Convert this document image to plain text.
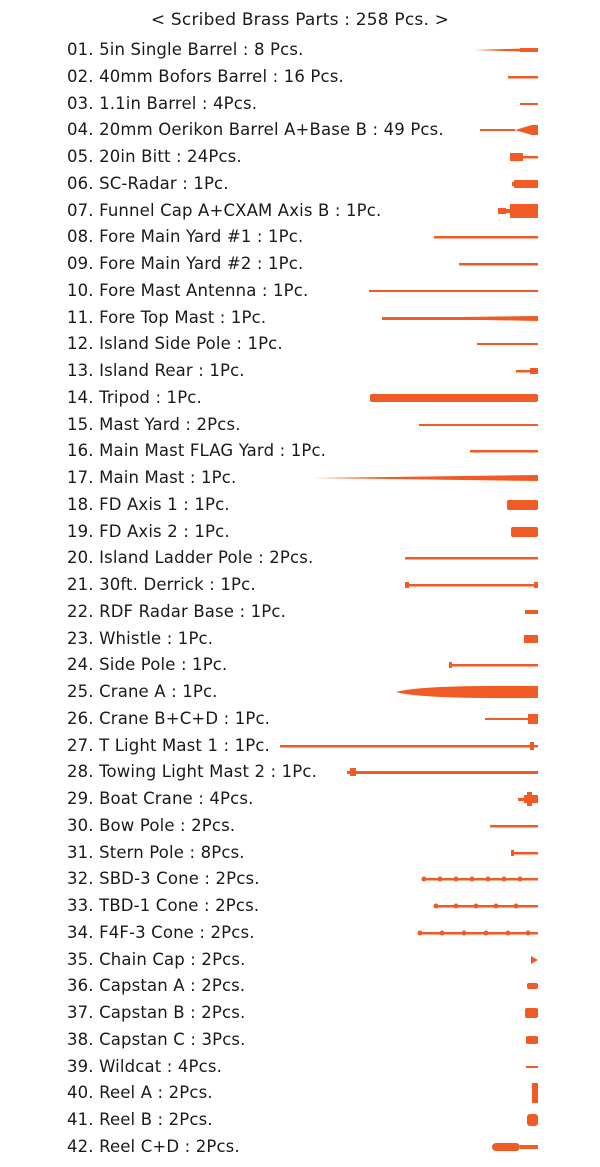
< Scribed Brass Parts : 258 Pcs. >
01. 5in Single Barrel : 8 Pcs.
02. 40mm Bofors Barrel : 16 Pcs.
03. 1.1in Barrel : 4Pcs.
04. 20mm Oerikon Barrel A+Base B : 49 Pcs.
05. 20in Bitt : 24Pcs.
06. SC-Radar : 1Pc.
07. Funnel Cap A+CXAM Axis B : 1Pc.
08. Fore Main Yard #1 : 1Pc.
09. Fore Main Yard #2 : 1Pc.
10. Fore Mast Antenna : 1Pc.
11. Fore Top Mast : 1Pc.
12. Island Side Pole : 1Pc.
13. Island Rear : 1Pc.
14. Tripod : 1Pc.
15. Mast Yard : 2Pcs.
16. Main Mast FLAG Yard : 1Pc.
17. Main Mast : 1Pc.
18. FD Axis 1 : 1Pc.
19. FD Axis 2 : 1Pc.
20. Island Ladder Pole : 2Pcs.
21. 30ft. Derrick : 1Pc.
22. RDF Radar Base : 1Pc.
23. Whistle : 1Pc.
24. Side Pole : 1Pc.
25. Crane A : 1Pc.
26. Crane B+C+D : 1Pc.
27. T Light Mast 1 : 1Pc.
28. Towing Light Mast 2 : 1Pc.
29. Boat Crane : 4Pcs.
30. Bow Pole : 2Pcs.
31. Stern Pole : 8Pcs.
32. SBD-3 Cone : 2Pcs.
33. TBD-1 Cone : 2Pcs.
34. F4F-3 Cone : 2Pcs.
35. Chain Cap : 2Pcs.
36. Capstan A : 2Pcs.
37. Capstan B : 2Pcs.
38. Capstan C : 3Pcs.
39. Wildcat : 4Pcs.
40. Reel A : 2Pcs.
41. Reel B : 2Pcs.
42. Reel C+D : 2Pcs.
